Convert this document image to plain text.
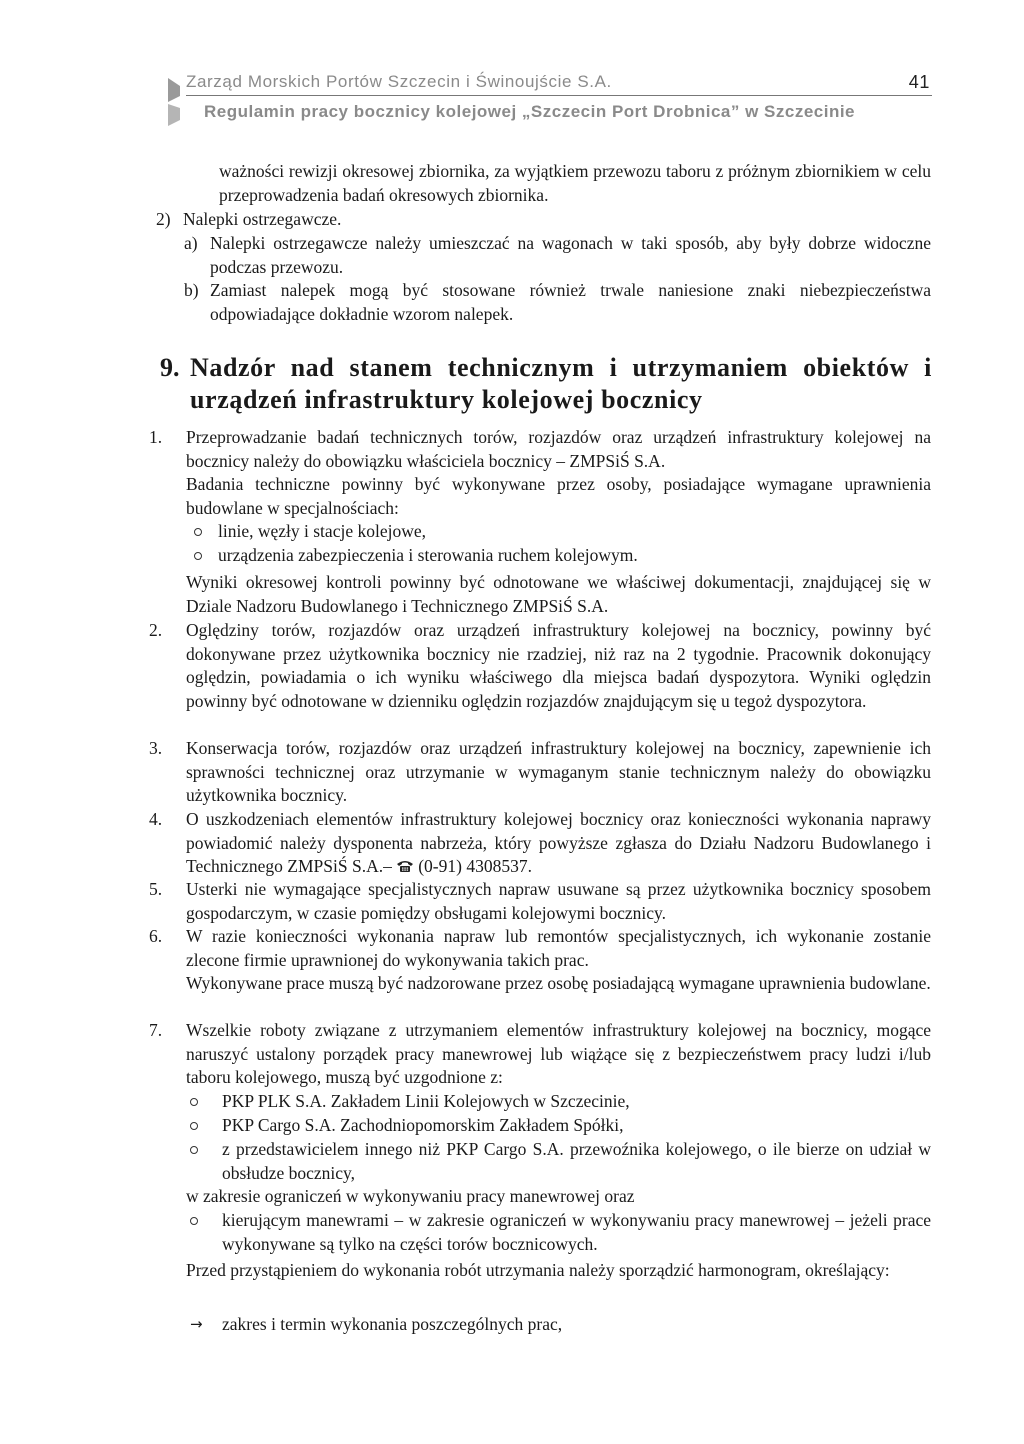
Zarząd Morskich Portów Szczecin i Świnoujście S.A.	41
Regulamin pracy bocznicy kolejowej „Szczecin Port Drobnica” w Szczecinie

ważności rewizji okresowej zbiornika, za wyjątkiem przewozu taboru z próżnym zbiornikiem w celu przeprowadzenia badań okresowych zbiornika.

2) Nalepki ostrzegawcze.

a) Nalepki ostrzegawcze należy umieszczać na wagonach w taki sposób, aby były dobrze widoczne podczas przewozu.

b) Zamiast nalepek mogą być stosowane również trwale naniesione znaki niebezpieczeństwa odpowiadające dokładnie wzorom nalepek.

9. Nadzór nad stanem technicznym i utrzymaniem obiektów i urządzeń infrastruktury kolejowej bocznicy
1. Przeprowadzanie badań technicznych torów, rozjazdów oraz urządzeń infrastruktury kolejowej na bocznicy należy do obowiązku właściciela bocznicy – ZMPSiŚ S.A.

Badania techniczne powinny być wykonywane przez osoby, posiadające wymagane uprawnienia budowlane w specjalnościach:

linie, węzły i stacje kolejowe,

urządzenia zabezpieczenia i sterowania ruchem kolejowym.

Wyniki okresowej kontroli powinny być odnotowane we właściwej dokumentacji, znajdującej się w Dziale Nadzoru Budowlanego i Technicznego ZMPSiŚ S.A.

2. Oględziny torów, rozjazdów oraz urządzeń infrastruktury kolejowej na bocznicy, powinny być dokonywane przez użytkownika bocznicy nie rzadziej, niż raz na 2 tygodnie. Pracownik dokonujący oględzin, powiadamia o ich wyniku właściwego dla miejsca badań dyspozytora. Wyniki oględzin powinny być odnotowane w dzienniku oględzin rozjazdów znajdującym się u tegoż dyspozytora.

3. Konserwacja torów, rozjazdów oraz urządzeń infrastruktury kolejowej na bocznicy, zapewnienie ich sprawności technicznej oraz utrzymanie w wymaganym stanie technicznym należy do obowiązku użytkownika bocznicy.

4. O uszkodzeniach elementów infrastruktury kolejowej bocznicy oraz konieczności wykonania naprawy powiadomić należy dysponenta nabrzeża, który powyższe zgłasza do Działu Nadzoru Budowlanego i Technicznego ZMPSiŚ S.A.– (0-91) 4308537.

5. Usterki nie wymagające specjalistycznych napraw usuwane są przez użytkownika bocznicy sposobem gospodarczym, w czasie pomiędzy obsługami kolejowymi bocznicy.

6. W razie konieczności wykonania napraw lub remontów specjalistycznych, ich wykonanie zostanie zlecone firmie uprawnionej do wykonywania takich prac.

Wykonywane prace muszą być nadzorowane przez osobę posiadającą wymagane uprawnienia budowlane.

7. Wszelkie roboty związane z utrzymaniem elementów infrastruktury kolejowej na bocznicy, mogące naruszyć ustalony porządek pracy manewrowej lub wiążące się z bezpieczeństwem pracy ludzi i/lub taboru kolejowego, muszą być uzgodnione z:

PKP PLK S.A. Zakładem Linii Kolejowych w Szczecinie,

PKP Cargo S.A. Zachodniopomorskim Zakładem Spółki,

z przedstawicielem innego niż PKP Cargo S.A. przewoźnika kolejowego, o ile bierze on udział w obsłudze bocznicy,

w zakresie ograniczeń w wykonywaniu pracy manewrowej oraz

kierującym manewrami – w zakresie ograniczeń w wykonywaniu pracy manewrowej – jeżeli prace wykonywane są tylko na części torów bocznicowych.

Przed przystąpieniem do wykonania robót utrzymania należy sporządzić harmonogram, określający:

→ zakres i termin wykonania poszczególnych prac,
